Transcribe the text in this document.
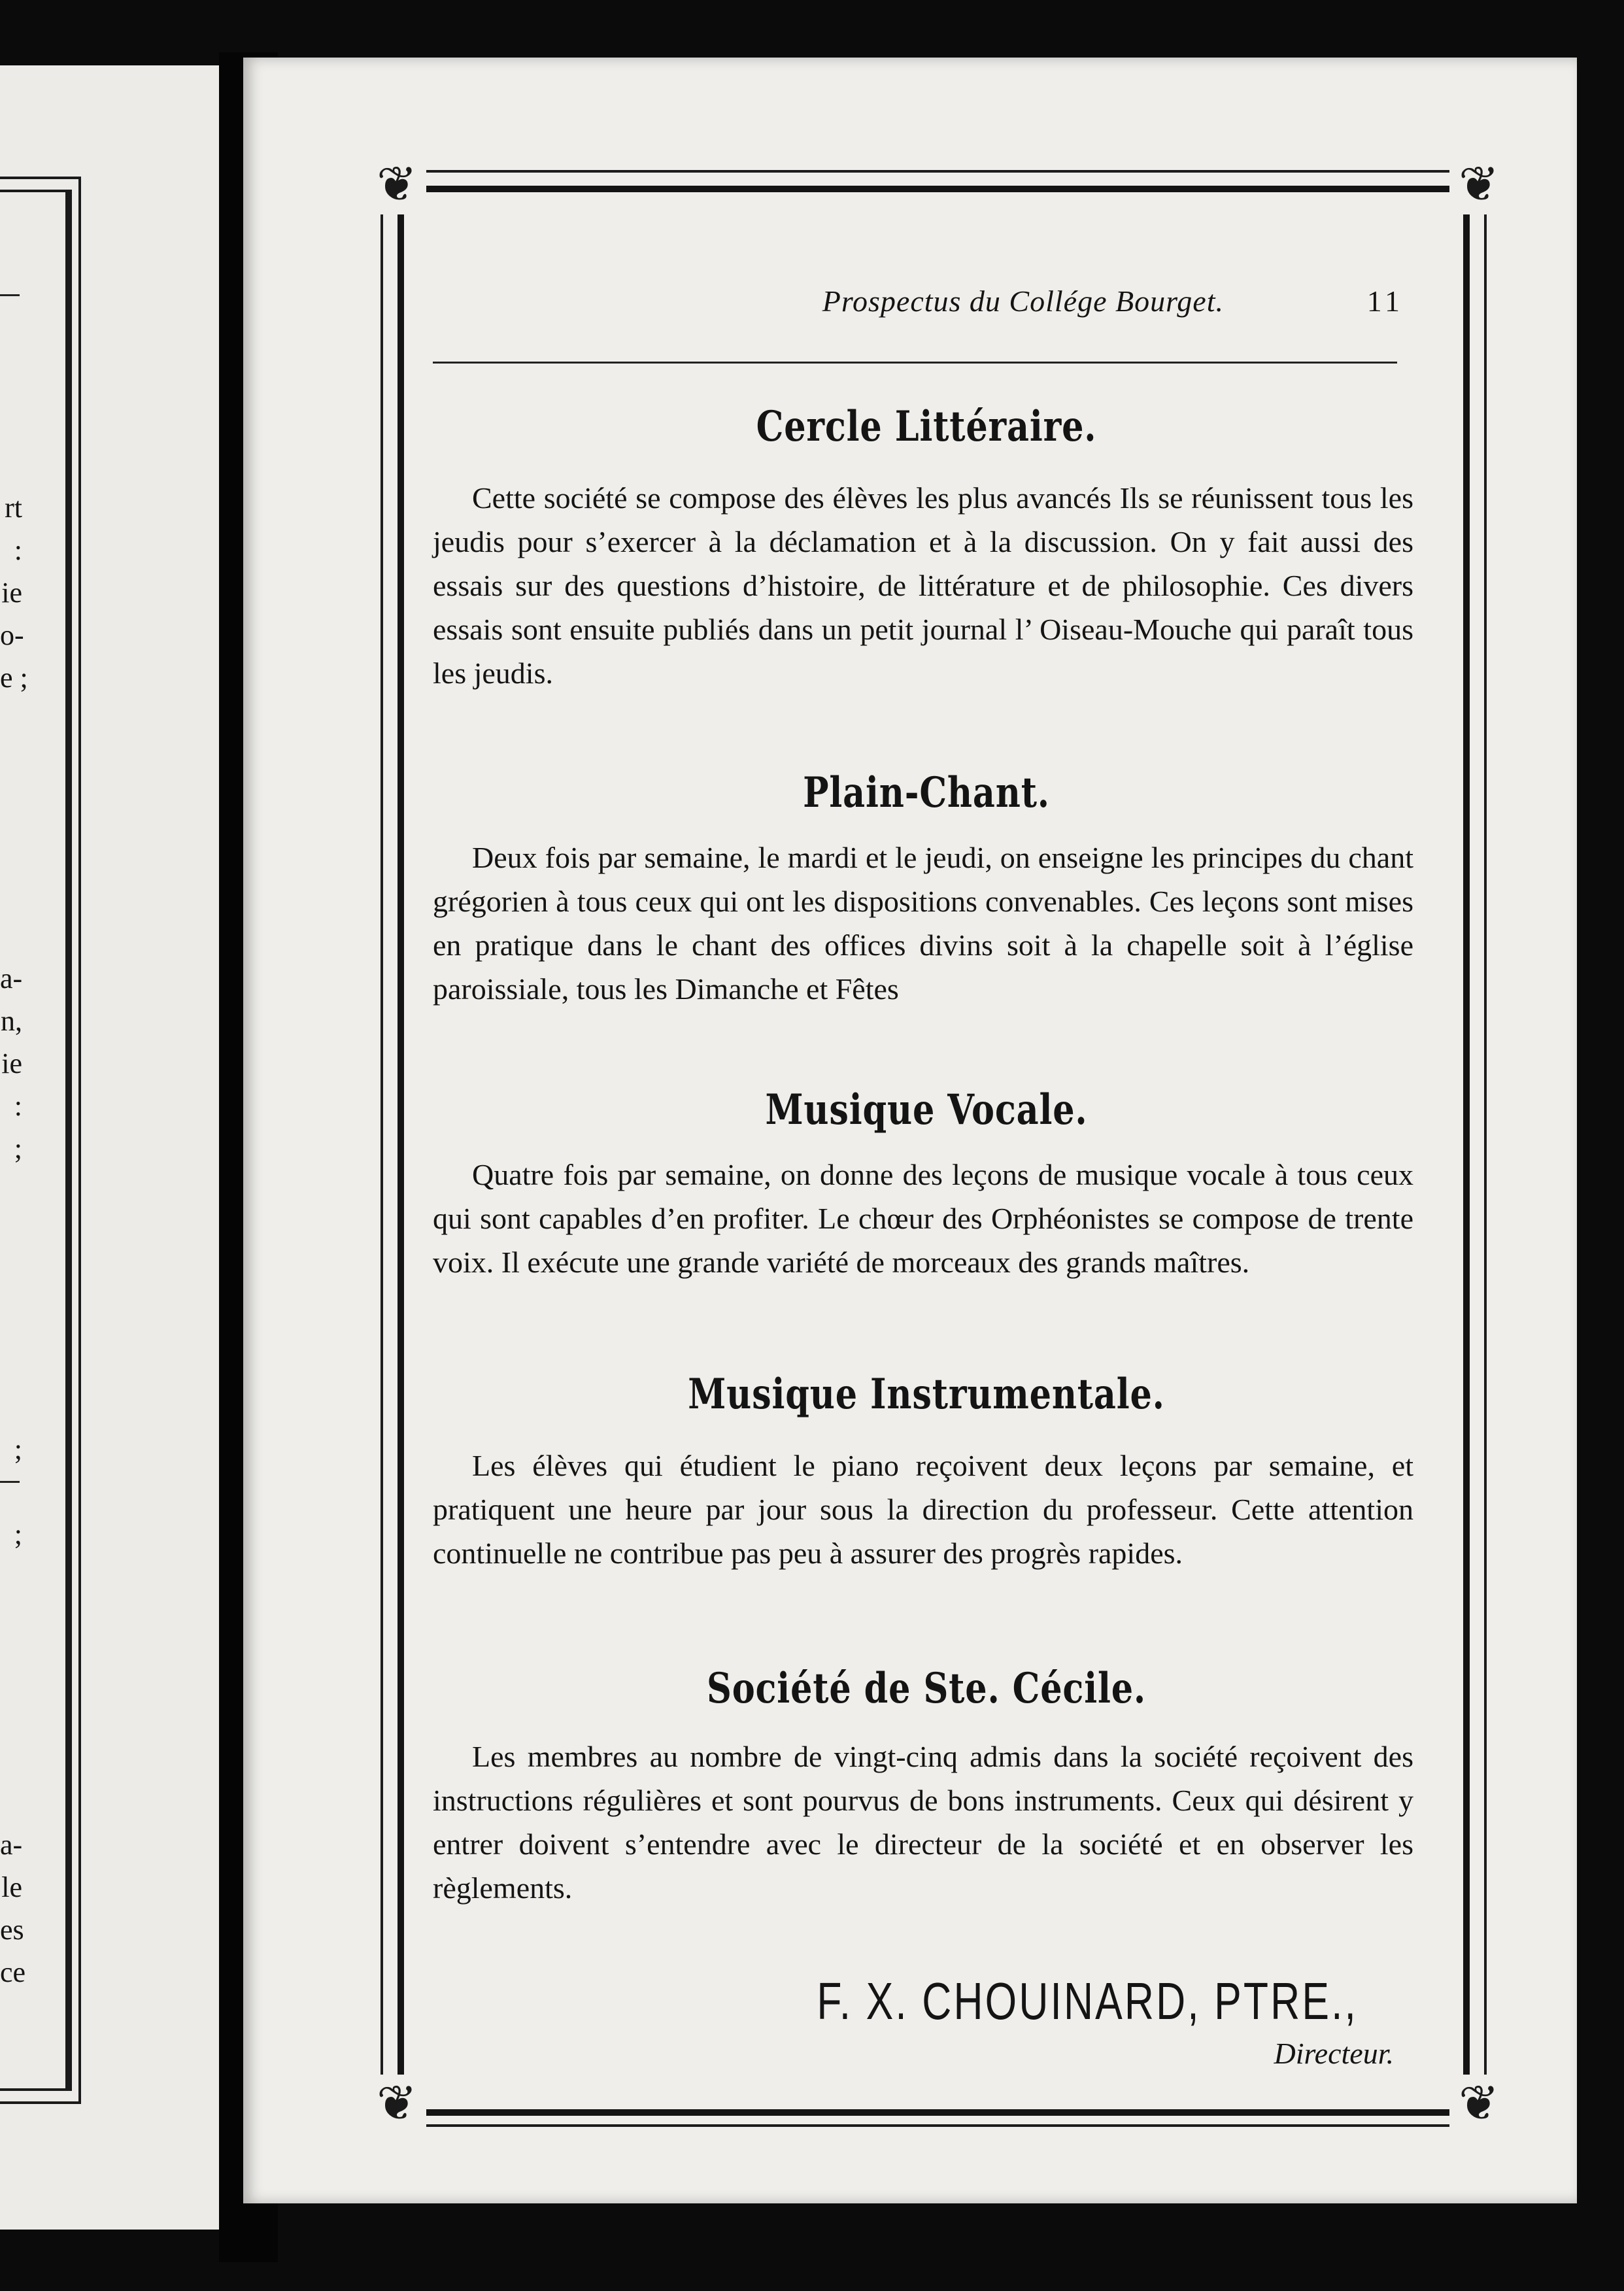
rt
:
ie
o-
e ;
a-
n,
ie
:
;
;
;
a-
le
es
ce
❦	❦
❦	❦
Prospectus du Collége Bourget.	11
Cercle Littéraire.
Cette société se compose des élèves les plus avancés Ils se réunissent tous les jeudis pour s’exercer à la déclamation et à la discussion. On y fait aussi des essais sur des questions d’histoire, de littérature et de philosophie. Ces divers essais sont ensuite publiés dans un petit journal l’ Oiseau-Mouche qui paraît tous les jeudis.
Plain-Chant.
Deux fois par semaine, le mardi et le jeudi, on enseigne les principes du chant grégorien à tous ceux qui ont les dispositions convenables. Ces leçons sont mises en pratique dans le chant des offices divins soit à la chapelle soit à l’église paroissiale, tous les Dimanche et Fêtes
Musique Vocale.
Quatre fois par semaine, on donne des leçons de musique vocale à tous ceux qui sont capables d’en profiter. Le chœur des Orphéonistes se compose de trente voix. Il exécute une grande variété de morceaux des grands maîtres.
Musique Instrumentale.
Les élèves qui étudient le piano reçoivent deux leçons par semaine, et pratiquent une heure par jour sous la direction du professeur. Cette attention continuelle ne contribue pas peu à assurer des progrès rapides.
Société de Ste. Cécile.
Les membres au nombre de vingt-cinq admis dans la société reçoivent des instructions régulières et sont pourvus de bons instruments. Ceux qui désirent y entrer doivent s’entendre avec le directeur de la société et en observer les règlements.
F. X. CHOUINARD, PTRE.,
Directeur.
